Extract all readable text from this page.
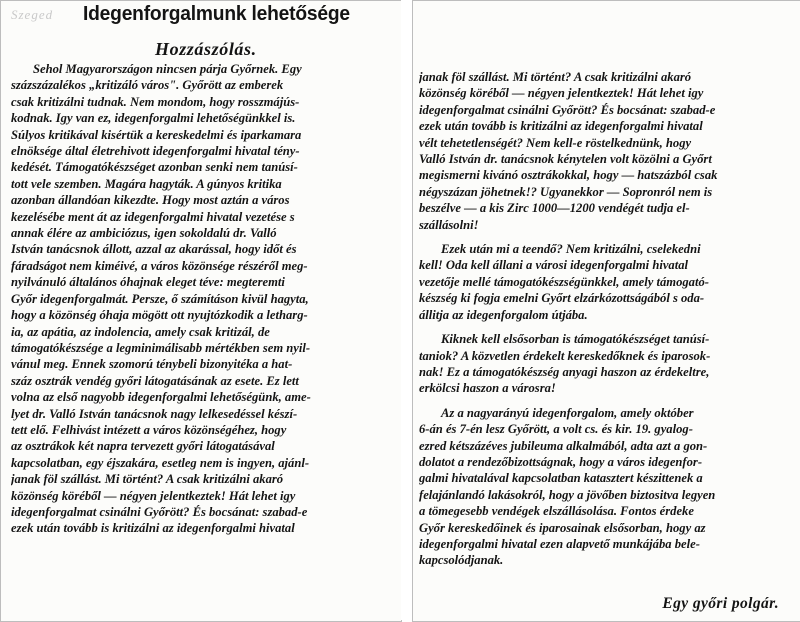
Szeged Idegenforgalmunk lehetősége
Hozzászólás.

Sehol Magyarországon nincsen párja Győrnek. Egy
százszázalékos „kritizáló város". Győrött az emberek
csak kritizálni tudnak. Nem mondom, hogy rosszmájús-
kodnak. Igy van ez, idegenforgalmi lehetőségünkkel is.
Súlyos kritikával kisértük a kereskedelmi és iparkamara
elnöksége által életrehivott idegenforgalmi hivatal tény-
kedését. Támogatókészséget azonban senki nem tanúsí-
tott vele szemben. Magára hagyták. A gúnyos kritika
azonban állandóan kikezdte. Hogy most aztán a város
kezelésébe ment át az idegenforgalmi hivatal vezetése s
annak élére az ambiciózus, igen sokoldalú dr. Valló
István tanácsnok állott, azzal az akarással, hogy időt és
fáradságot nem kiméivé, a város közönsége részéről meg-
nyilvánuló általános óhajnak eleget téve: megteremti
Győr idegenforgalmát. Persze, ő számításon kivül hagyta,
hogy a közönség óhaja mögött ott nyujtózkodik a letharg-
ia, az apátia, az indolencia, amely csak kritizál, de
támogatókészsége a legminimálisabb mértékben sem nyil-
vánul meg. Ennek szomorú ténybeli bizonyitéka a hat-
száz osztrák vendég győri látogatásának az esete. Ez lett
volna az első nagyobb idegenforgalmi lehetőségünk, ame-
lyet dr. Valló István tanácsnok nagy lelkesedéssel készí-
tett elő. Felhivást intézett a város közönségéhez, hogy
az osztrákok két napra tervezett győri látogatásával
kapcsolatban, egy éjszakára, esetleg nem is ingyen, ajánl-
janak föl szállást. Mi történt? A csak kritizálni akaró
közönség köréből — négyen jelentkeztek! Hát lehet igy
idegenforgalmat csinálni Győrött? És bocsánat: szabad-e
ezek után tovább is kritizálni az idegenforgalmi hivatal

janak föl szállást. Mi történt? A csak kritizálni akaró
közönség köréből — négyen jelentkeztek! Hát lehet igy
idegenforgalmat csinálni Győrött? És bocsánat: szabad-e
ezek után tovább is kritizálni az idegenforgalmi hivatal
vélt tehetetlenségét? Nem kell-e röstelkednünk, hogy
Valló István dr. tanácsnok kénytelen volt közölni a Győrt
megismerni kivánó osztrákokkal, hogy — hatszázból csak
négyszázan jöhetnek!? Ugyanekkor — Sopronról nem is
beszélve — a kis Zirc 1000—1200 vendégét tudja el-
szállásolni!

Ezek után mi a teendő? Nem kritizálni, cselekedni
kell! Oda kell állani a városi idegenforgalmi hivatal
vezetője mellé támogatókészségünkkel, amely támogató-
készség ki fogja emelni Győrt elzárkózottságából s oda-
állitja az idegenforgalom útjába.

Kiknek kell elsősorban is támogatókészséget tanúsí-
taniok? A közvetlen érdekelt kereskedőknek és iparosok-
nak! Ez a támogatókészség anyagi haszon az érdekeltre,
erkölcsi haszon a városra!

Az a nagyarányú idegenforgalom, amely október
6-án és 7-én lesz Győrött, a volt cs. és kir. 19. gyalog-
ezred kétszázéves jubileuma alkalmából, adta azt a gon-
dolatot a rendezőbizottságnak, hogy a város idegenfor-
galmi hivatalával kapcsolatban katasztert készittenek a
felajánlandó lakásokról, hogy a jövőben biztositva legyen
a tömegesebb vendégek elszállásolása. Fontos érdeke
Győr kereskedőinek és iparosainak elsősorban, hogy az
idegenforgalmi hivatal ezen alapvető munkájába bele-
kapcsolódjanak.

Egy győri polgár.
